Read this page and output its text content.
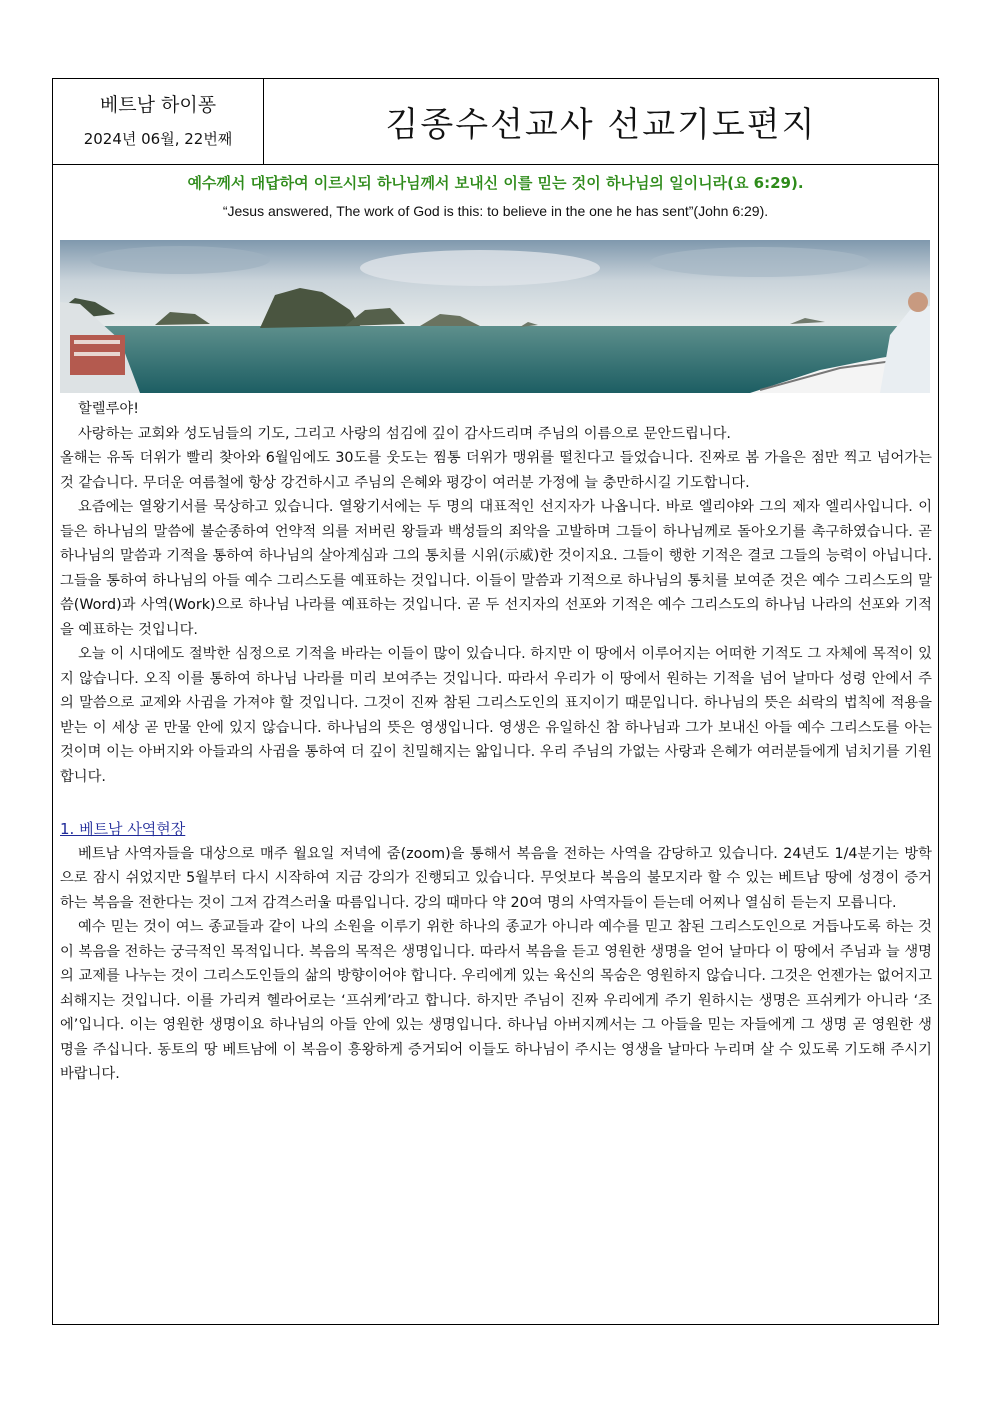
베트남 하이퐁
2024년 06월, 22번째	김종수선교사 선교기도편지
예수께서 대답하여 이르시되 하나님께서 보내신 이를 믿는 것이 하나님의 일이니라(요 6:29).
“Jesus answered, The work of God is this: to believe in the one he has sent”(John 6:29).

할렐루야!

사랑하는 교회와 성도님들의 기도, 그리고 사랑의 섬김에 깊이 감사드리며 주님의 이름으로 문안드립니다.

올해는 유독 더위가 빨리 찾아와 6월임에도 30도를 웃도는 찜통 더위가 맹위를 떨친다고 들었습니다. 진짜로 봄 가을은 점만 찍고 넘어가는 것 같습니다. 무더운 여름철에 항상 강건하시고 주님의 은혜와 평강이 여러분 가정에 늘 충만하시길 기도합니다.

요즘에는 열왕기서를 묵상하고 있습니다. 열왕기서에는 두 명의 대표적인 선지자가 나옵니다. 바로 엘리야와 그의 제자 엘리사입니다. 이들은 하나님의 말씀에 불순종하여 언약적 의를 저버린 왕들과 백성들의 죄악을 고발하며 그들이 하나님께로 돌아오기를 촉구하였습니다. 곧 하나님의 말씀과 기적을 통하여 하나님의 살아계심과 그의 통치를 시위(示威)한 것이지요. 그들이 행한 기적은 결코 그들의 능력이 아닙니다. 그들을 통하여 하나님의 아들 예수 그리스도를 예표하는 것입니다. 이들이 말씀과 기적으로 하나님의 통치를 보여준 것은 예수 그리스도의 말씀(Word)과 사역(Work)으로 하나님 나라를 예표하는 것입니다. 곧 두 선지자의 선포와 기적은 예수 그리스도의 하나님 나라의 선포와 기적을 예표하는 것입니다.

오늘 이 시대에도 절박한 심정으로 기적을 바라는 이들이 많이 있습니다. 하지만 이 땅에서 이루어지는 어떠한 기적도 그 자체에 목적이 있지 않습니다. 오직 이를 통하여 하나님 나라를 미리 보여주는 것입니다. 따라서 우리가 이 땅에서 원하는 기적을 넘어 날마다 성령 안에서 주의 말씀으로 교제와 사귐을 가져야 할 것입니다. 그것이 진짜 참된 그리스도인의 표지이기 때문입니다. 하나님의 뜻은 쇠락의 법칙에 적용을 받는 이 세상 곧 만물 안에 있지 않습니다. 하나님의 뜻은 영생입니다. 영생은 유일하신 참 하나님과 그가 보내신 아들 예수 그리스도를 아는 것이며 이는 아버지와 아들과의 사귐을 통하여 더 깊이 친밀해지는 앎입니다. 우리 주님의 가없는 사랑과 은혜가 여러분들에게 넘치기를 기원합니다.

1. 베트남 사역현장

베트남 사역자들을 대상으로 매주 월요일 저녁에 줌(zoom)을 통해서 복음을 전하는 사역을 감당하고 있습니다. 24년도 1/4분기는 방학으로 잠시 쉬었지만 5월부터 다시 시작하여 지금 강의가 진행되고 있습니다. 무엇보다 복음의 불모지라 할 수 있는 베트남 땅에 성경이 증거하는 복음을 전한다는 것이 그저 감격스러울 따름입니다. 강의 때마다 약 20여 명의 사역자들이 듣는데 어찌나 열심히 듣는지 모릅니다.

예수 믿는 것이 여느 종교들과 같이 나의 소원을 이루기 위한 하나의 종교가 아니라 예수를 믿고 참된 그리스도인으로 거듭나도록 하는 것이 복음을 전하는 궁극적인 목적입니다. 복음의 목적은 생명입니다. 따라서 복음을 듣고 영원한 생명을 얻어 날마다 이 땅에서 주님과 늘 생명의 교제를 나누는 것이 그리스도인들의 삶의 방향이어야 합니다. 우리에게 있는 육신의 목숨은 영원하지 않습니다. 그것은 언젠가는 없어지고 쇠해지는 것입니다. 이를 가리켜 헬라어로는 ‘프쉬케’라고 합니다. 하지만 주님이 진짜 우리에게 주기 원하시는 생명은 프쉬케가 아니라 ‘조에’입니다. 이는 영원한 생명이요 하나님의 아들 안에 있는 생명입니다. 하나님 아버지께서는 그 아들을 믿는 자들에게 그 생명 곧 영원한 생명을 주십니다. 동토의 땅 베트남에 이 복음이 흥왕하게 증거되어 이들도 하나님이 주시는 영생을 날마다 누리며 살 수 있도록 기도해 주시기 바랍니다.
